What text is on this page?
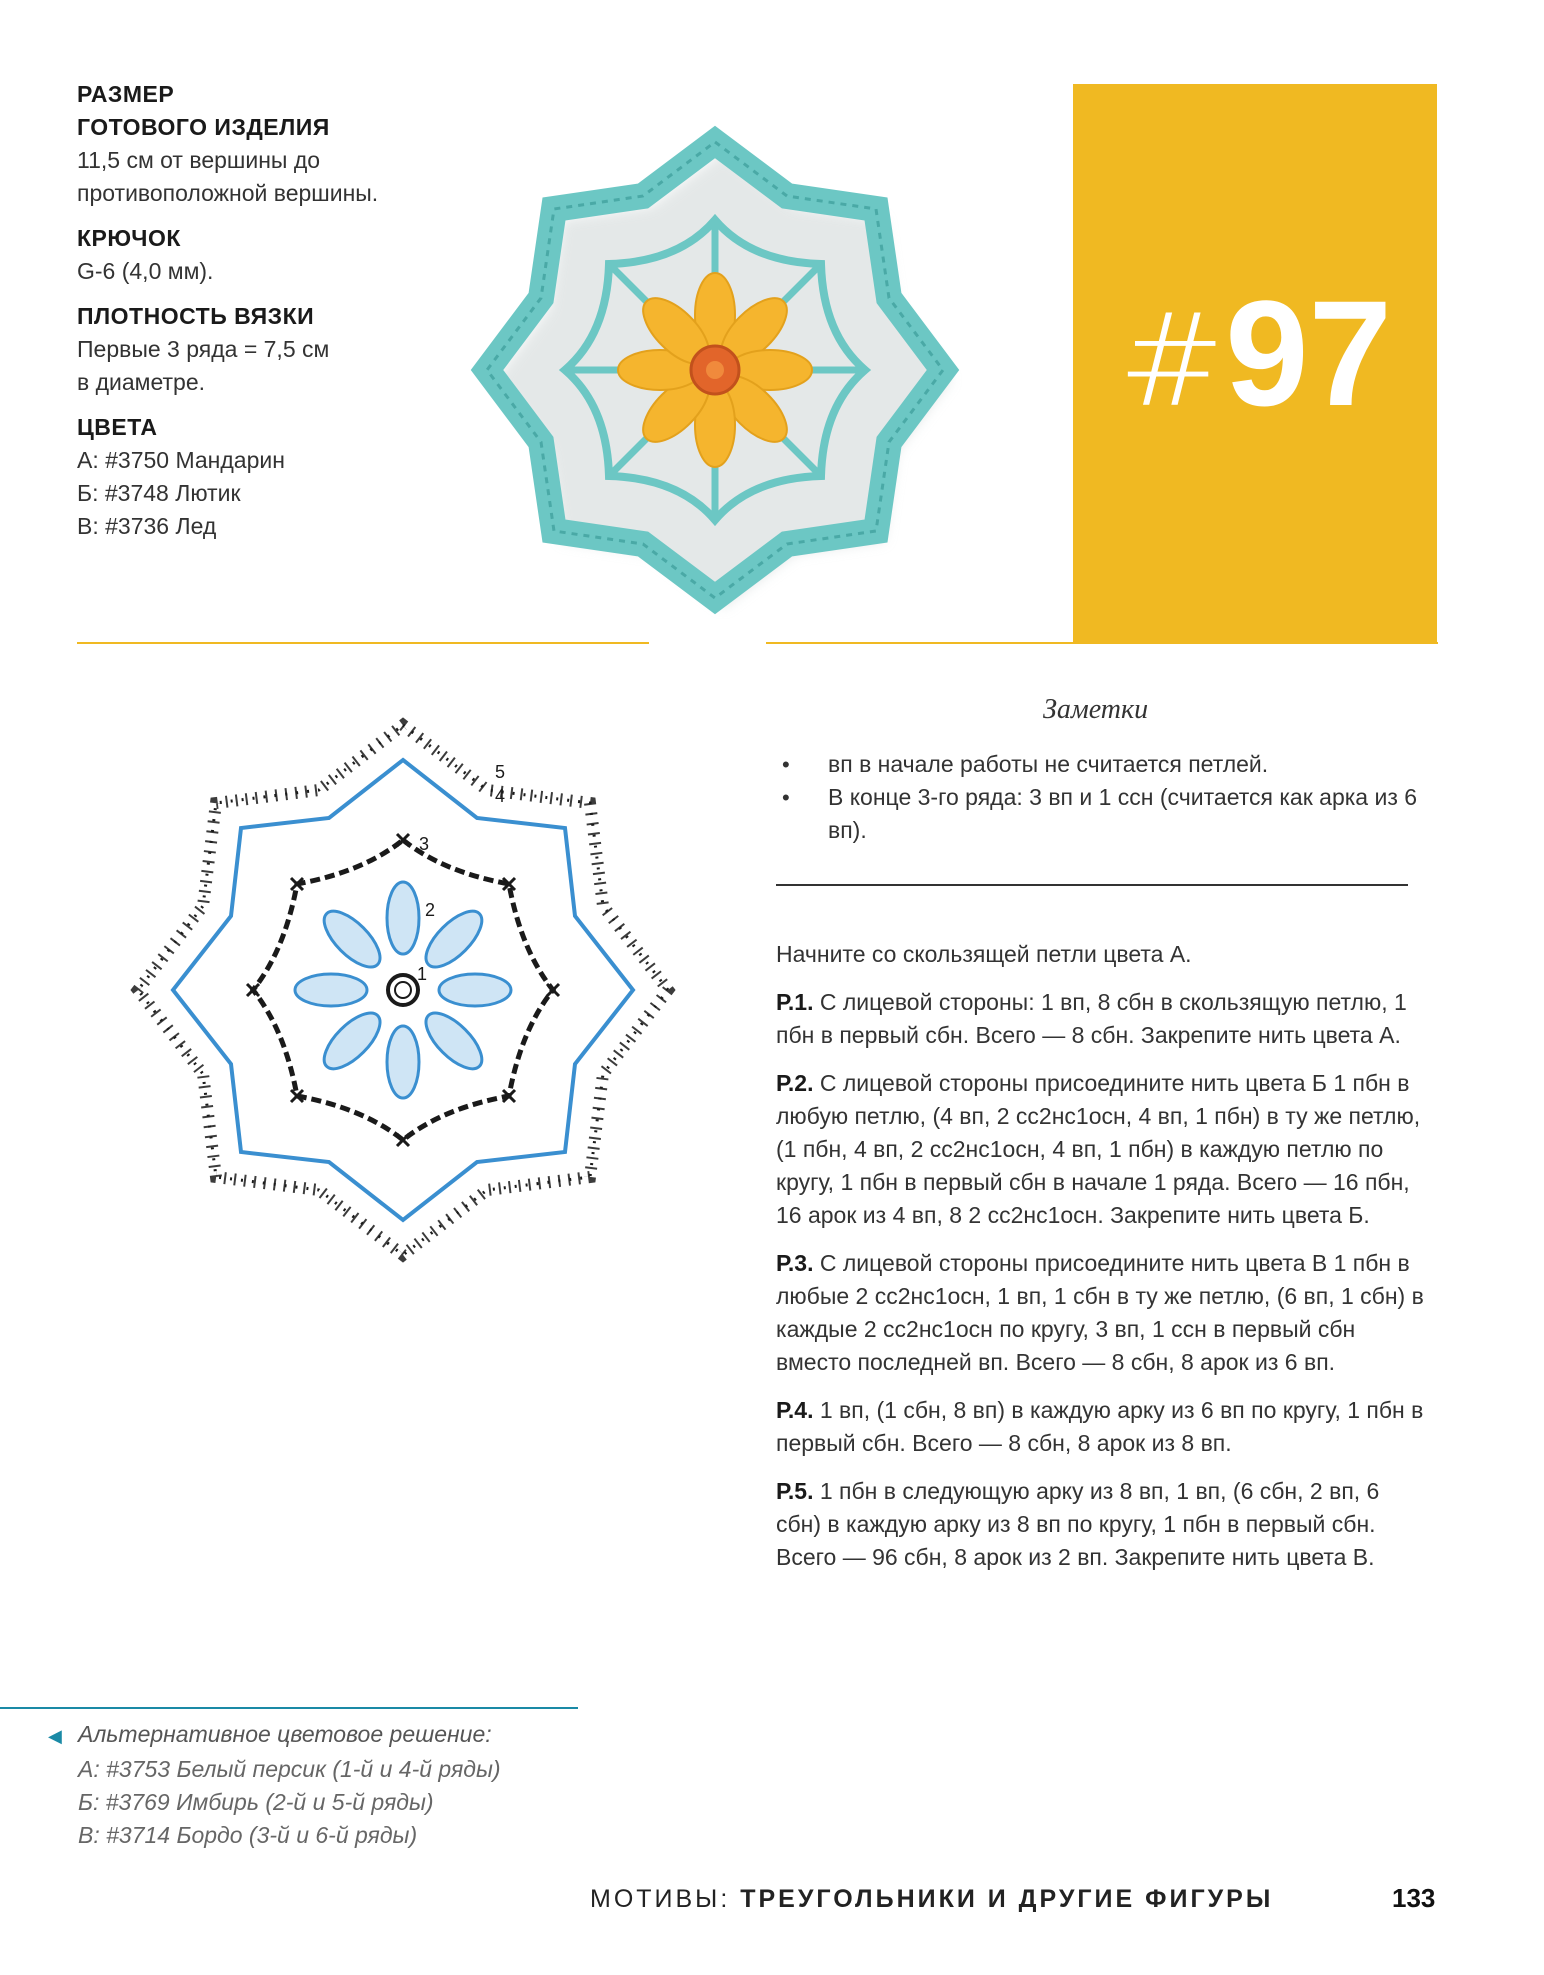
РАЗМЕР
ГОТОВОГО ИЗДЕЛИЯ

11,5 см от вершины до
противоположной вершины.

КРЮЧОК

G-6 (4,0 мм).

ПЛОТНОСТЬ ВЯЗКИ

Первые 3 ряда = 7,5 см
в диаметре.

ЦВЕТА

A: #3750 Мандарин
Б: #3748 Лютик
В: #3736 Лед

#97
1
2
3
4
5
Заметки
• вп в начале работы не считается петлей.
• В конце 3-го ряда: 3 вп и 1 ссн (считается как арка из 6 вп).

Начните со скользящей петли цвета А.

Р.1. С лицевой стороны: 1 вп, 8 сбн в скользящую петлю, 1 пбн в первый сбн. Всего — 8 сбн. Закрепите нить цвета А.

Р.2. С лицевой стороны присоедините нить цвета Б 1 пбн в любую петлю, (4 вп, 2 сс2нс1осн, 4 вп, 1 пбн) в ту же петлю, (1 пбн, 4 вп, 2 сс2нс1осн, 4 вп, 1 пбн) в каждую петлю по кругу, 1 пбн в первый сбн в начале 1 ряда. Всего — 16 пбн, 16 арок из 4 вп, 8 2 сс2нс1осн. Закрепите нить цвета Б.

Р.3. С лицевой стороны присоедините нить цвета В 1 пбн в любые 2 сс2нс1осн, 1 вп, 1 сбн в ту же петлю, (6 вп, 1 сбн) в каждые 2 сс2нс1осн по кругу, 3 вп, 1 ссн в первый сбн вместо последней вп. Всего — 8 сбн, 8 арок из 6 вп.

Р.4. 1 вп, (1 сбн, 8 вп) в каждую арку из 6 вп по кругу, 1 пбн в первый сбн. Всего — 8 сбн, 8 арок из 8 вп.

Р.5. 1 пбн в следующую арку из 8 вп, 1 вп, (6 сбн, 2 вп, 6 сбн) в каждую арку из 8 вп по кругу, 1 пбн в первый сбн. Всего — 96 сбн, 8 арок из 2 вп. Закрепите нить цвета В.

◀ Альтернативное цветовое решение:
А: #3753 Белый персик (1-й и 4-й ряды)
Б: #3769 Имбирь (2-й и 5-й ряды)
В: #3714 Бордо (3-й и 6-й ряды)
МОТИВЫ: ТРЕУГОЛЬНИКИ И ДРУГИЕ ФИГУРЫ	133
